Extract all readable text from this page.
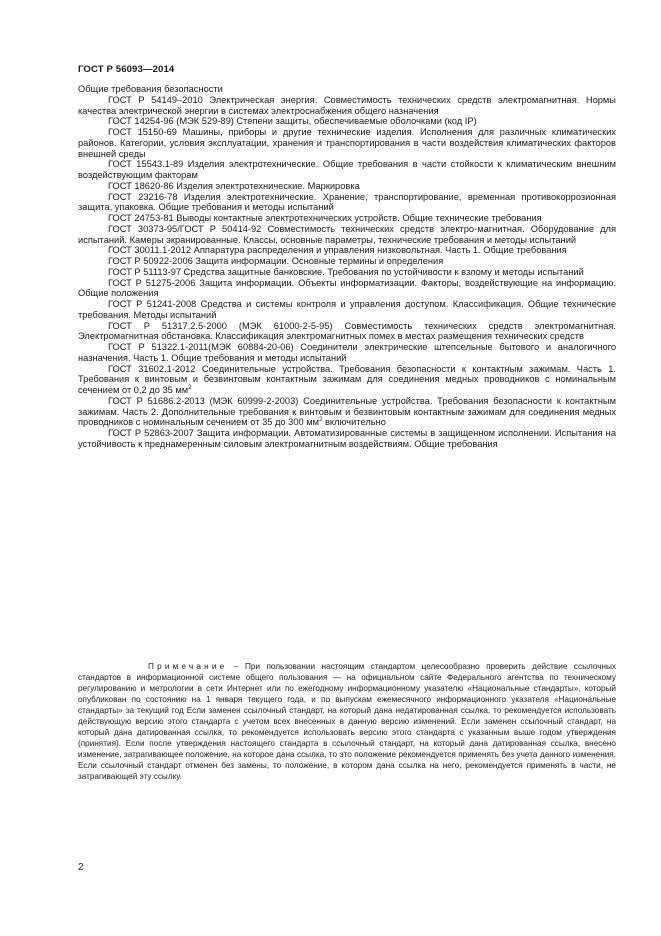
ГОСТ Р 56093—2014

Общие требования безопасности

ГОСТ Р 54149–2010 Электрическая энергия. Совместимость технических средств электромагнитная. Нормы качества электрической энергии в системах электроснабжения общего назначения

ГОСТ 14254-96 (МЭК 529-89) Степени защиты, обеспечиваемые оболочками (код IP)

ГОСТ 15150-69 Машины, приборы и другие технические изделия. Исполнения для различных климатических районов. Категории, условия эксплуатации, хранения и транспортирования в части воздействия климатических факторов внешней среды

ГОСТ 15543.1-89 Изделия электротехнические. Общие требования в части стойкости к климатическим внешним воздействующим факторам

ГОСТ 18620-86 Изделия электротехнические. Маркировка

ГОСТ 23216-78 Изделия электротехнические. Хранение, транспортирование, временная противокоррозионная защита, упаковка. Общие требования и методы испытаний

ГОСТ 24753-81 Выводы контактные электротехнических устройств. Общие технические требования

ГОСТ 30373-95/ГОСТ Р 50414-92 Совместимость технических средств электро-магнитная. Оборудование для испытаний. Камеры экранированные. Классы, основные параметры, технические требования и методы испытаний

ГОСТ 30011.1-2012 Аппаратура распределения и управления низковольтная. Часть 1. Общие требования

ГОСТ Р 50922-2006 Защита информации. Основные термины и определения

ГОСТ Р 51113-97 Средства защитные банковские. Требования по устойчивости к взлому и методы испытаний

ГОСТ Р 51275-2006 Защита информации. Объекты информатизации. Факторы, воздействующие на информацию. Общие положения

ГОСТ Р 51241-2008 Средства и системы контроля и управления доступом. Классификация. Общие технические требования. Методы испытаний

ГОСТ Р 51317.2.5-2000 (МЭК 61000-2-5-95) Совместимость технических средств электромагнитная. Электромагнитная обстановка. Классификация электромагнитных помех в местах размещения технических средств

ГОСТ Р 51322.1-2011(МЭК 60884-20-06) Соединители электрические штепсельные бытового и аналогичного назначения. Часть 1. Общие требования и методы испытаний

ГОСТ 31602.1-2012 Соединительные устройства. Требования безопасности к контактным зажимам. Часть 1. Требования к винтовым и безвинтовым контактным зажимам для соединения медных проводников с номинальным сечением от 0,2 до 35 $мм^2$

ГОСТ Р 51686.2-2013 (МЭК 60999-2-2003) Соединительные устройства. Требования безопасности к контактным зажимам. Часть 2. Дополнительные требования к винтовым и безвинтовым контактным зажимам для соединения медных проводников с номинальным сечением от 35 до 300 $мм^2$ включительно

ГОСТ Р 52863-2007 Защита информации. Автоматизированные системы в защищенном исполнении. Испытания на устойчивость к преднамеренным силовым электромагнитным воздействиям. Общие требования

Примечание – При пользовании настоящим стандартом целесообразно проверить действие ссылочных стандартов в информационной системе общего пользования — на официальном сайте Федерального агентства по техническому регулированию и метрологии в сети Интернет или по ежегодному информационному указателю «Национальные стандарты», который опубликован по состоянию на 1 января текущего года, и по выпускам ежемесячного информационного указателя «Национальные стандарты» за текущий год Если заменен ссылочный стандарт, на который дана недатированная ссылка, то рекомендуется использовать действующую версию этого стандарта с учетом всех внесенных в данную версию изменений. Если заменен ссылочный стандарт, на который дана датированная ссылка, то рекомендуется использовать версию этого стандарта с указанным выше годом утверждения (принятия). Если после утверждения настоящего стандарта в ссылочный стандарт, на который дана датированная ссылка, внесено изменение, затрагивающее положение, на которое дана ссылка, то это положение рекомендуется применять без учета данного изменения. Если ссылочный стандарт отменен без замены, то положение, в котором дана ссылка на него, рекомендуется применять в части, не затрагивающей эту ссылку.
2
